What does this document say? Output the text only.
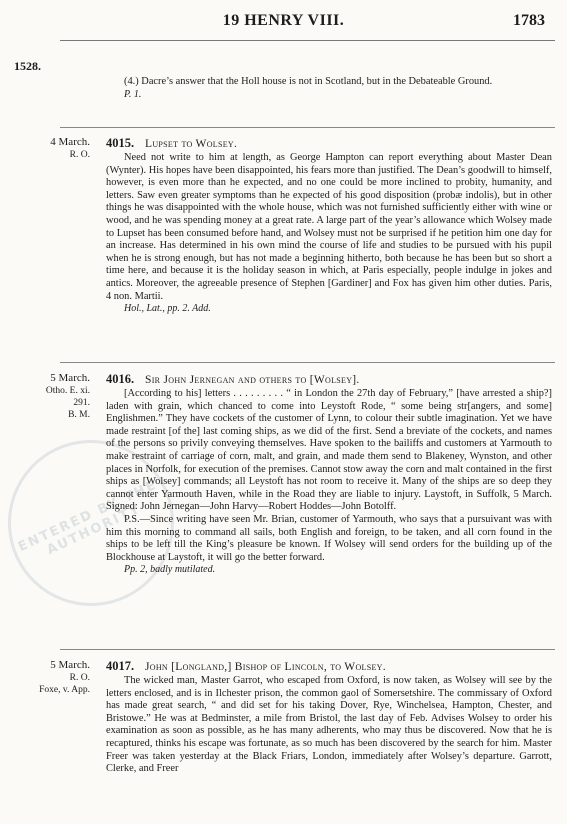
ENTERED BY THE AUTHORITY
19 HENRY VIII.	1783
1528.

(4.) Dacre’s answer that the Holl house is not in Scotland, but in the Debateable Ground.

P. 1.

4 March.
R. O.
4015. Lupset to Wolsey.

Need not write to him at length, as George Hampton can report everything about Master Dean (Wynter). His hopes have been disappointed, his fears more than justified. The Dean’s goodwill to himself, however, is even more than he expected, and no one could be more inclined to probity, humanity, and letters. Saw even greater symptoms than he expected of his good disposition (probæ indolis), but in other things he was disappointed with the whole house, which was not furnished sufficiently either with wine or wood, and he was spending money at a great rate. A large part of the year’s allowance which Wolsey made to Lupset has been consumed before hand, and Wolsey must not be surprised if he petition him one day for an increase. Has determined in his own mind the course of life and studies to be pursued with his pupil when he is strong enough, but has not made a beginning hitherto, both because he has been but so short a time here, and because it is the holiday season in which, at Paris especially, people indulge in jokes and antics. Moreover, the agreeable presence of Stephen [Gardiner] and Fox has given him other duties. Paris, 4 non. Martii.

Hol., Lat., pp. 2. Add.

5 March.
Otho. E. xi.
291.
B. M.
4016. Sir John Jernegan and others to [Wolsey].

[According to his] letters . . . . . . . . . “ in London the 27th day of February,” [have arrested a ship?] laden with grain, which chanced to come into Leystoft Rode, “ some being str[angers, and some] Englishmen.” They have cockets of the customer of Lynn, to colour their subtle imagination. Yet we have made restraint [of the] last coming ships, as we did of the first. Send a breviate of the cockets, and names of the persons so privily conveying themselves. Have spoken to the bailiffs and customers at Yarmouth to make restraint of carriage of corn, malt, and grain, and made them send to Blakeney, Wynston, and other places in Norfolk, for execution of the premises. Cannot stow away the corn and malt contained in the first ships as [Wolsey] commands; all Leystoft has not room to receive it. Many of the ships are so deep they cannot enter Yarmouth Haven, while in the Road they are liable to injury. Laystoft, in Suffolk, 5 March. Signed: John Jernegan—John Harvy—Robert Hoddes—John Botolff.

P.S.—Since writing have seen Mr. Brian, customer of Yarmouth, who says that a pursuivant was with him this morning to command all sails, both English and foreign, to be taken, and all corn found in the ships to be left till the King’s pleasure be known. If Wolsey will send orders for the building up of the Blockhouse at Laystoft, it will go the better forward.

Pp. 2, badly mutilated.

5 March.
R. O.
Foxe, v. App.
4017. John [Longland,] Bishop of Lincoln, to Wolsey.

The wicked man, Master Garrot, who escaped from Oxford, is now taken, as Wolsey will see by the letters enclosed, and is in Ilchester prison, the common gaol of Somersetshire. The commissary of Oxford has made great search, “ and did set for his taking Dover, Rye, Winchelsea, Hampton, Chester, and Bristowe.” He was at Bedminster, a mile from Bristol, the last day of Feb. Advises Wolsey to order his examination as soon as possible, as he has many adherents, who may thus be discovered. Now that he is recaptured, thinks his escape was fortunate, as so much has been discovered by the search for him. Master Freer was taken yesterday at the Black Friars, London, immediately after Wolsey’s departure. Garrott, Clerke, and Freer
